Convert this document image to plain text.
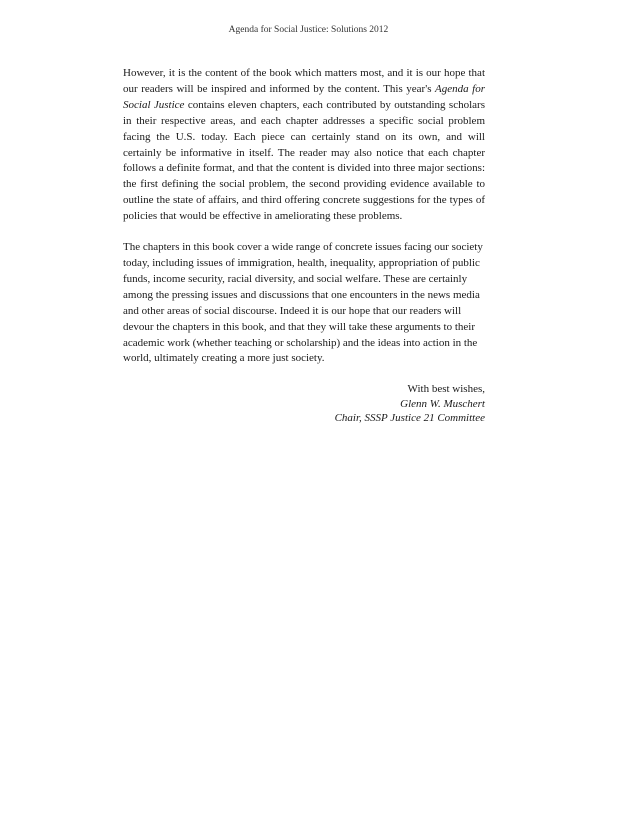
Agenda for Social Justice: Solutions 2012

However, it is the content of the book which matters most, and it is our hope that our readers will be inspired and informed by the content. This year's Agenda for Social Justice contains eleven chapters, each contributed by outstanding scholars in their respective areas, and each chapter addresses a specific social problem facing the U.S. today. Each piece can certainly stand on its own, and will certainly be informative in itself. The reader may also notice that each chapter follows a definite format, and that the content is divided into three major sections: the first defining the social problem, the second providing evidence available to outline the state of affairs, and third offering concrete suggestions for the types of policies that would be effective in ameliorating these problems.

The chapters in this book cover a wide range of concrete issues facing our society today, including issues of immigration, health, inequality, appropriation of public funds, income security, racial diversity, and social welfare. These are certainly among the pressing issues and discussions that one encounters in the news media and other areas of social discourse. Indeed it is our hope that our readers will devour the chapters in this book, and that they will take these arguments to their academic work (whether teaching or scholarship) and the ideas into action in the world, ultimately creating a more just society.

With best wishes,
Glenn W. Muschert
Chair, SSSP Justice 21 Committee
